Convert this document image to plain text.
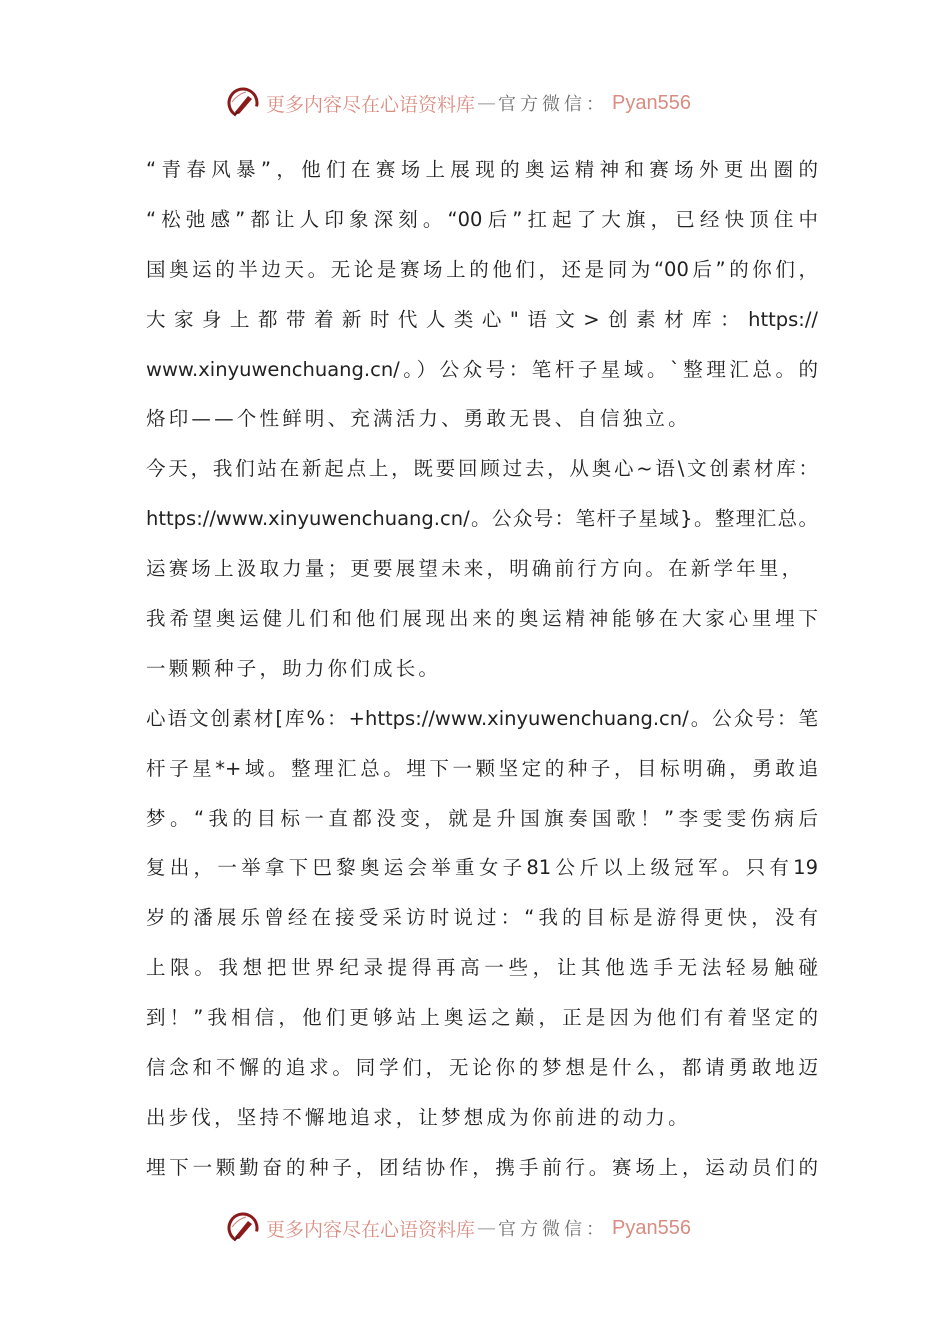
更多内容尽在心语资料库 — 官方微信： Pyan556
“青春风暴”，他们在赛场上展现的奥运精神和赛场外更出圈的
“松弛感”都让人印象深刻。“00后”扛起了大旗，已经快顶住中
国奥运的半边天。无论是赛场上的他们，还是同为“00后”的你们，
大家身上都带着新时代人类心"语文>创素材库：https://
www.xinyuwenchuang.cn/。）公众号：笔杆子星域。`整理汇总。的
烙印——个性鲜明、充满活力、勇敢无畏、自信独立。
今天，我们站在新起点上，既要回顾过去，从奥心~语\文创素材库：
https://www.xinyuwenchuang.cn/。公众号：笔杆子星域}。整理汇总。
运赛场上汲取力量；更要展望未来，明确前行方向。在新学年里，
我希望奥运健儿们和他们展现出来的奥运精神能够在大家心里埋下
一颗颗种子，助力你们成长。
心语文创素材[库%：+https://www.xinyuwenchuang.cn/。公众号：笔
杆子星*+域。整理汇总。埋下一颗坚定的种子，目标明确，勇敢追
梦。“我的目标一直都没变，就是升国旗奏国歌！”李雯雯伤病后
复出，一举拿下巴黎奥运会举重女子81公斤以上级冠军。只有19
岁的潘展乐曾经在接受采访时说过：“我的目标是游得更快，没有
上限。我想把世界纪录提得再高一些，让其他选手无法轻易触碰
到！”我相信，他们更够站上奥运之巅，正是因为他们有着坚定的
信念和不懈的追求。同学们，无论你的梦想是什么，都请勇敢地迈
出步伐，坚持不懈地追求，让梦想成为你前进的动力。
埋下一颗勤奋的种子，团结协作，携手前行。赛场上，运动员们的
更多内容尽在心语资料库 — 官方微信： Pyan556
